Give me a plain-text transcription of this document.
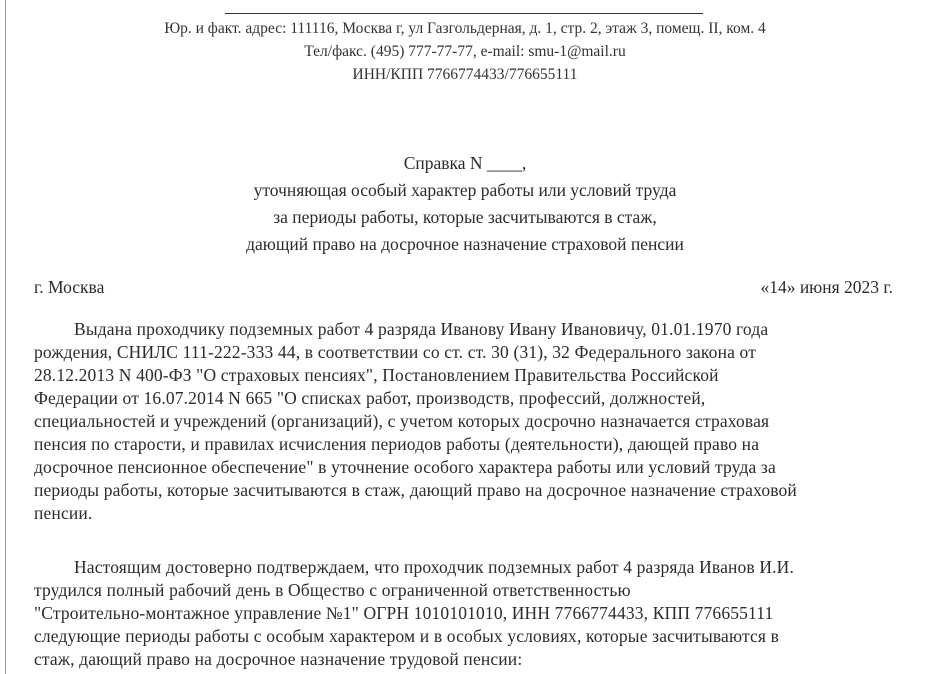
Юр. и факт. адрес: 111116, Москва г, ул Газгольдерная, д. 1, стр. 2, этаж 3, помещ. II, ком. 4
Тел/факс. (495) 777-77-77, e-mail: smu-1@mail.ru
ИНН/КПП 7766774433/776655111
Справка N ____,
уточняющая особый характер работы или условий труда
за периоды работы, которые засчитываются в стаж,
дающий право на досрочное назначение страховой пенсии
г. Москва	«14» июня 2023 г.
Выдана проходчику подземных работ 4 разряда Иванову Ивану Ивановичу, 01.01.1970 года
рождения, СНИЛС 111-222-333 44, в соответствии со ст. ст. 30 (31), 32 Федерального закона от
28.12.2013 N 400-ФЗ "О страховых пенсиях", Постановлением Правительства Российской
Федерации от 16.07.2014 N 665 "О списках работ, производств, профессий, должностей,
специальностей и учреждений (организаций), с учетом которых досрочно назначается страховая
пенсия по старости, и правилах исчисления периодов работы (деятельности), дающей право на
досрочное пенсионное обеспечение" в уточнение особого характера работы или условий труда за
периоды работы, которые засчитываются в стаж, дающий право на досрочное назначение страховой
пенсии.
Настоящим достоверно подтверждаем, что проходчик подземных работ 4 разряда Иванов И.И.
трудился полный рабочий день в Общество с ограниченной ответственностью
"Строительно-монтажное управление №1" ОГРН 1010101010, ИНН 7766774433, КПП 776655111
следующие периоды работы с особым характером и в особых условиях, которые засчитываются в
стаж, дающий право на досрочное назначение трудовой пенсии:
